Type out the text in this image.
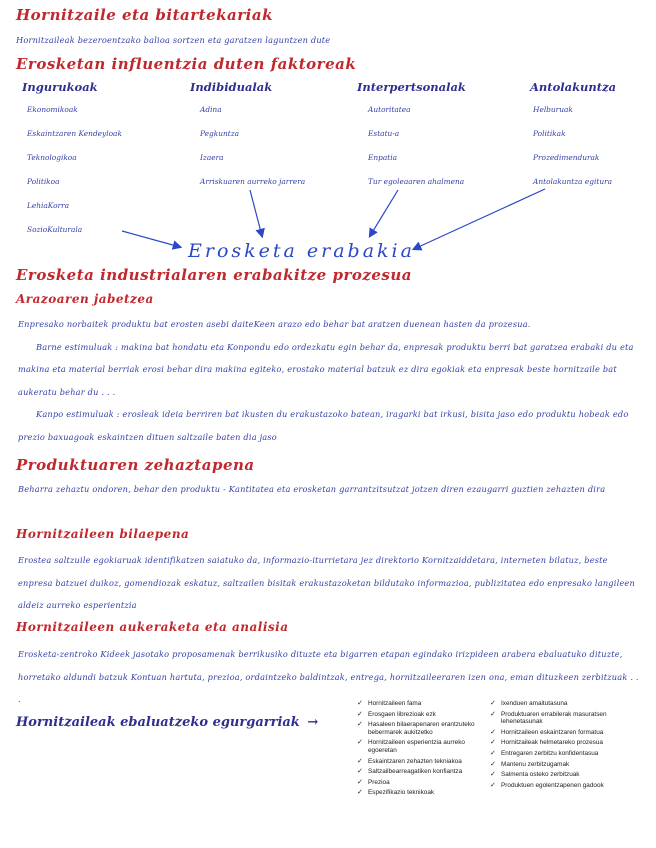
Hornitzaile eta bitartekariak
Hornitzaileak bezeroentzako balioa sortzen eta garatzen laguntzen dute
Erosketan influentzia duten faktoreak
Ingurukoak
Ekonomikoak
Eskaintzaren Kendeyloak
Teknologikoa
Politikoa
LehiaKorra
SozioKulturala
Indibidualak
Adina
Pegkuntza
Izaera
Arriskuaren aurreko jarrera
Interpertsonalak
Autoritatea
Estatu-a
Enpatia
Tur egoleaaren ahalmena
Antolakuntza
Helburuak
Politikak
Prozedimendurak
Antolakuntza egitura
Erosketa erabakia
Erosketa industrialaren erabakitze prozesua
Arazoaren jabetzea
Enpresako norbaitek produktu bat erosten asebi daiteKeen arazo edo behar bat aratzen duenean hasten da prozesua.
Barne estimuluak : makina bat hondatu eta Konpondu edo ordezkatu egin behar da, enpresak produktu berri bat garatzea erabaki du eta makina eta material berriak erosi behar dira makina egiteko, erostako material batzuk ez dira egokiak eta enpresak beste hornitzaile bat aukeratu behar du . . .
Kanpo estimuluak : erosleak ideia berriren bat ikusten du erakustazoko batean, iragarki bat irkusi, bisita jaso edo produktu hobeak edo prezio baxuagoak eskaintzen dituen saltzaile baten dia jaso
Produktuaren zehaztapena
Beharra zehaztu ondoren, behar den produktu - Kantitatea eta erosketan garrantzitsutzat jotzen diren ezaugarri guztien zehazten dira
Hornitzaileen bilaepena
Erostea saltzuile egokiaruak identifikatzen saiatuko da, informazio-iturrietara jez direktorio Kornitzaiddetara, interneten bilatuz, beste enpresa batzuei duikoz, gomendiozak eskatuz, saltzailen bisitak erakustazoketan bildutako informazioa, publizitatea edo enpresako langileen aldeiz aurreko esperientzia
Hornitzaileen aukeraketa eta analisia
Erosketa-zentroko Kideek jasotako proposamenak berrikusiko dituzte eta bigarren etapan egindako irizpideen arabera ebaluatuko dituzte, horretako aldundi batzuk Kontuan hartuta, prezioa, ordaintzeko baldintzak, entrega, hornitzaileeraren izen ona, eman dituzkeen zerbitzuak . . .
Hornitzaileak ebaluatzeko egurgarriak →
✓ Hornitzaileen fama
✓ Erosgaen librezioak ezk
✓ Hasaleen bilaerapenaren erantzuteko bebermarek aukitzetko
✓ Hornitzaileen esperientzia aurreko egoeretan
✓ Eskaintzaren zehazten tekniakoa
✓ Saltzailbearreagatiken konfiantza
✓ Prezioa
✓ Espezifikazio teknikoak
✓ Ixenduen amaitutasuna
✓ Produktuaren errabilerak masuratsen lehenetasunak
✓ Hornitzaileen eskaintzaren formatua
✓ Hornitzaileak helmetareko prozesua
✓ Entregaren zerbitzu konfidentasua
✓ Mantenu zerbitzugamak
✓ Salmenta osteko zerbitzuak
✓ Produktuen egolentzapenen gadook
